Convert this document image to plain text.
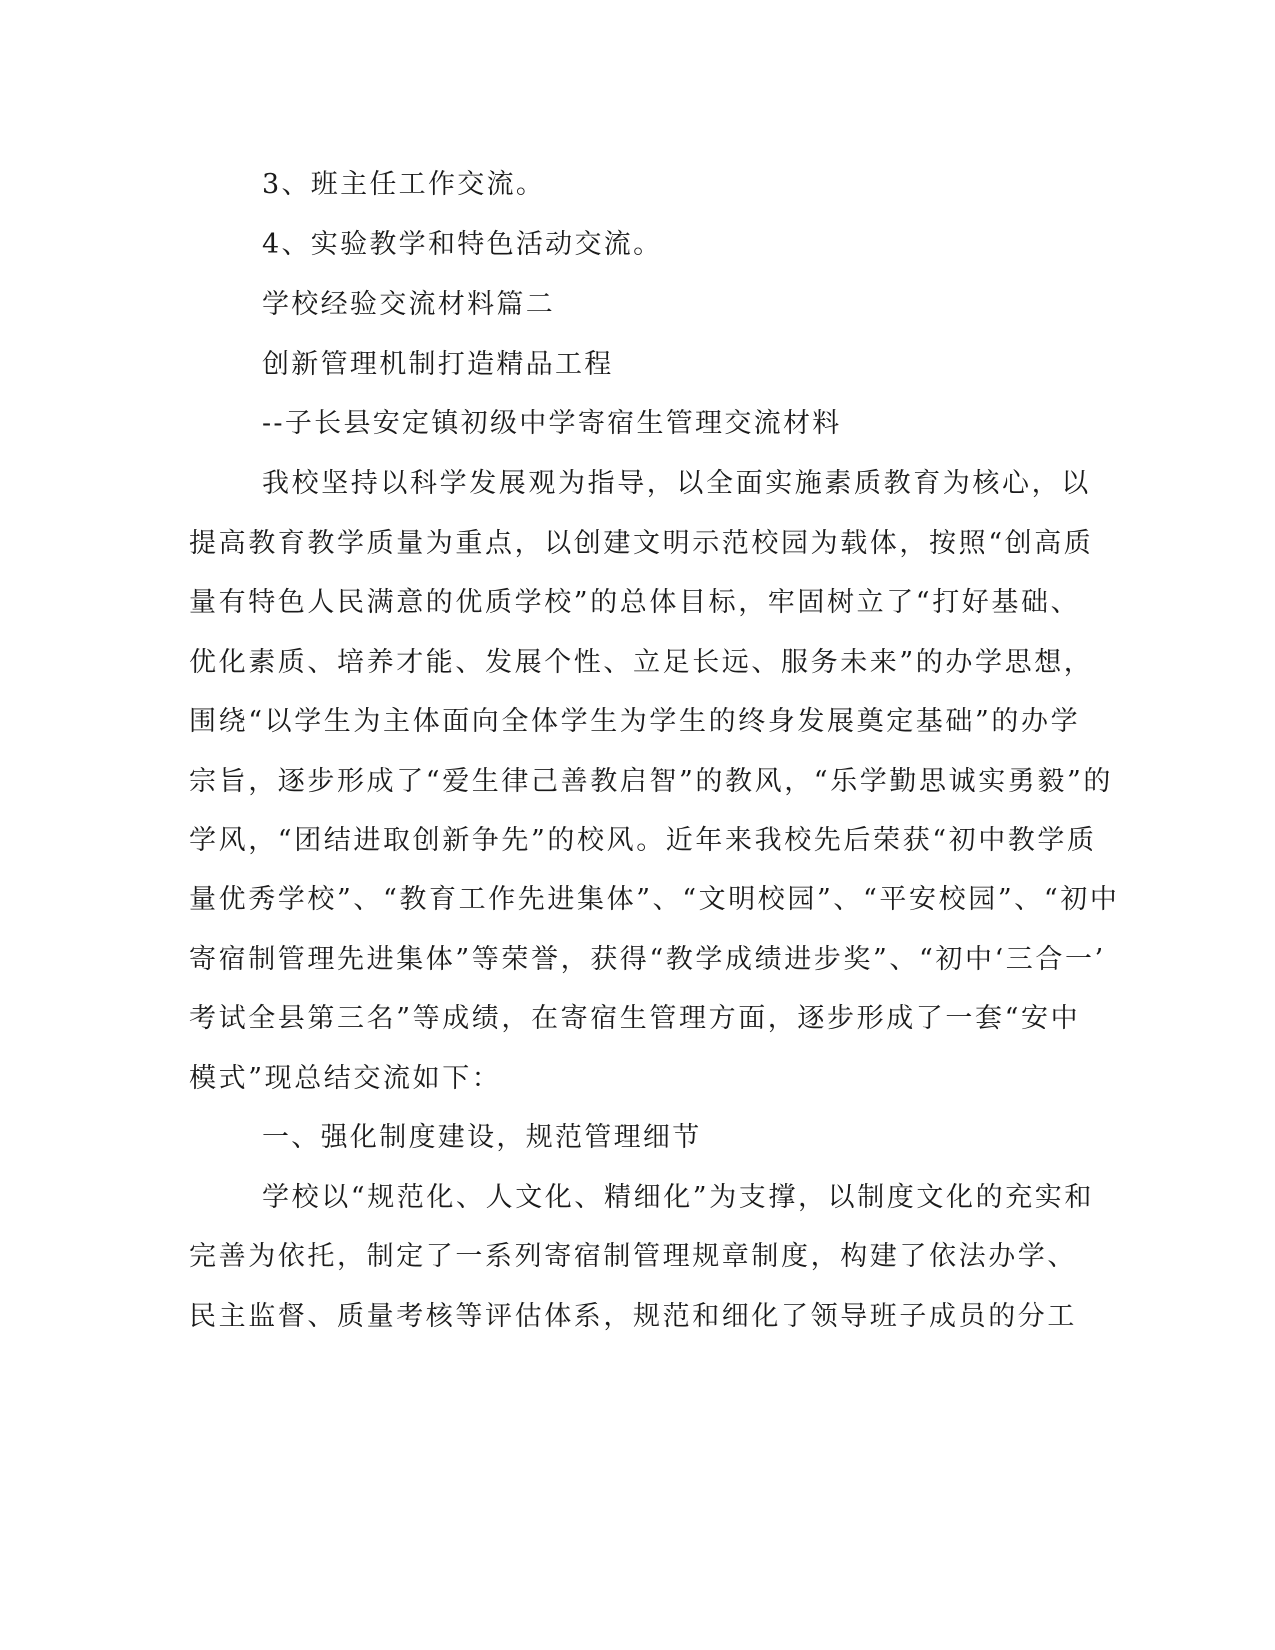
3、班主任工作交流。
4、实验教学和特色活动交流。
学校经验交流材料篇二
创新管理机制打造精品工程
--子长县安定镇初级中学寄宿生管理交流材料
我校坚持以科学发展观为指导，以全面实施素质教育为核心，以
提高教育教学质量为重点，以创建文明示范校园为载体，按照“创高质
量有特色人民满意的优质学校”的总体目标，牢固树立了“打好基础、
优化素质、培养才能、发展个性、立足长远、服务未来”的办学思想，
围绕“以学生为主体面向全体学生为学生的终身发展奠定基础”的办学
宗旨，逐步形成了“爱生律己善教启智”的教风，“乐学勤思诚实勇毅”的
学风，“团结进取创新争先”的校风。近年来我校先后荣获“初中教学质
量优秀学校”、“教育工作先进集体”、“文明校园”、“平安校园”、“初中
寄宿制管理先进集体”等荣誉，获得“教学成绩进步奖”、“初中‘三合一’
考试全县第三名”等成绩，在寄宿生管理方面，逐步形成了一套“安中
模式”现总结交流如下：
一、强化制度建设，规范管理细节
学校以“规范化、人文化、精细化”为支撑，以制度文化的充实和
完善为依托，制定了一系列寄宿制管理规章制度，构建了依法办学、
民主监督、质量考核等评估体系，规范和细化了领导班子成员的分工
